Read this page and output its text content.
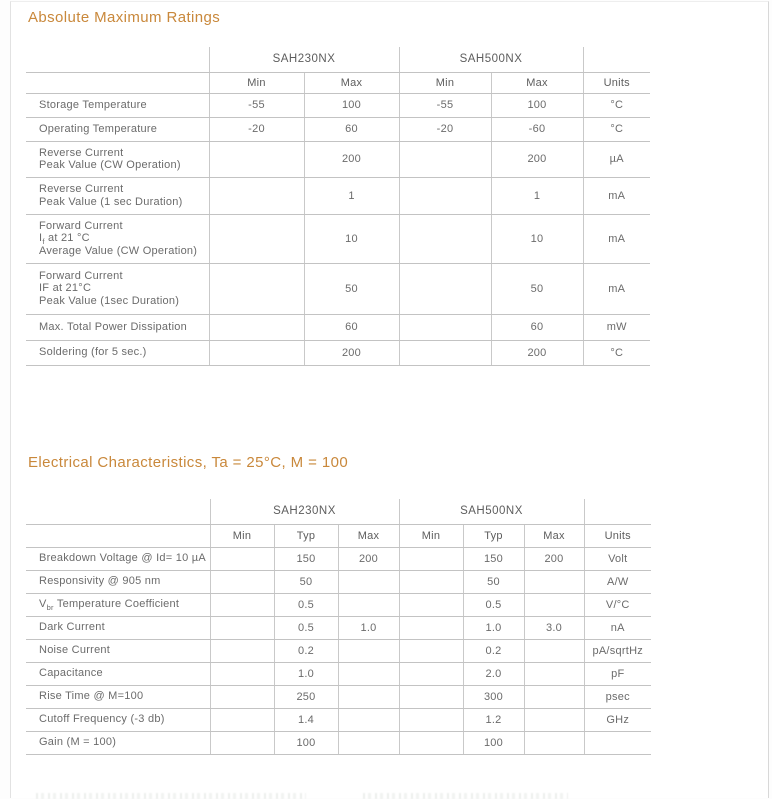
Absolute Maximum Ratings
	SAH230NX		SAH500NX		
	Min	Max	Min	Max	Units

Storage Temperature	-55	100	-55	100	°C

Operating Temperature	-20	60	-20	-60	°C

Reverse Current
Peak Value (CW Operation)		200		200	µA

Reverse Current
Peak Value (1 sec Duration)		1		1	mA

Forward Current
$I_f$ at 21 °C
Average Value (CW Operation)		10		10	mA

Forward Current
IF at 21°C
Peak Value (1sec Duration)		50		50	mA

Max. Total Power Dissipation		60		60	mW

Soldering (for 5 sec.)		200		200	°C
Electrical Characteristics, Ta = 25°C, M = 100
	SAH230NX			SAH500NX			
	Min	Typ	Max	Min	Typ	Max	Units

Breakdown Voltage @ Id= 10 µA		150	200		150	200	Volt

Responsivity @ 905 nm		50			50		A/W

$V_{br}$ Temperature Coefficient		0.5			0.5		V/°C

Dark Current		0.5	1.0		1.0	3.0	nA

Noise Current		0.2			0.2		pA/sqrtHz

Capacitance		1.0			2.0		pF

Rise Time @ M=100		250			300		psec

Cutoff Frequency (-3 db)		1.4			1.2		GHz

Gain (M = 100)		100			100		
